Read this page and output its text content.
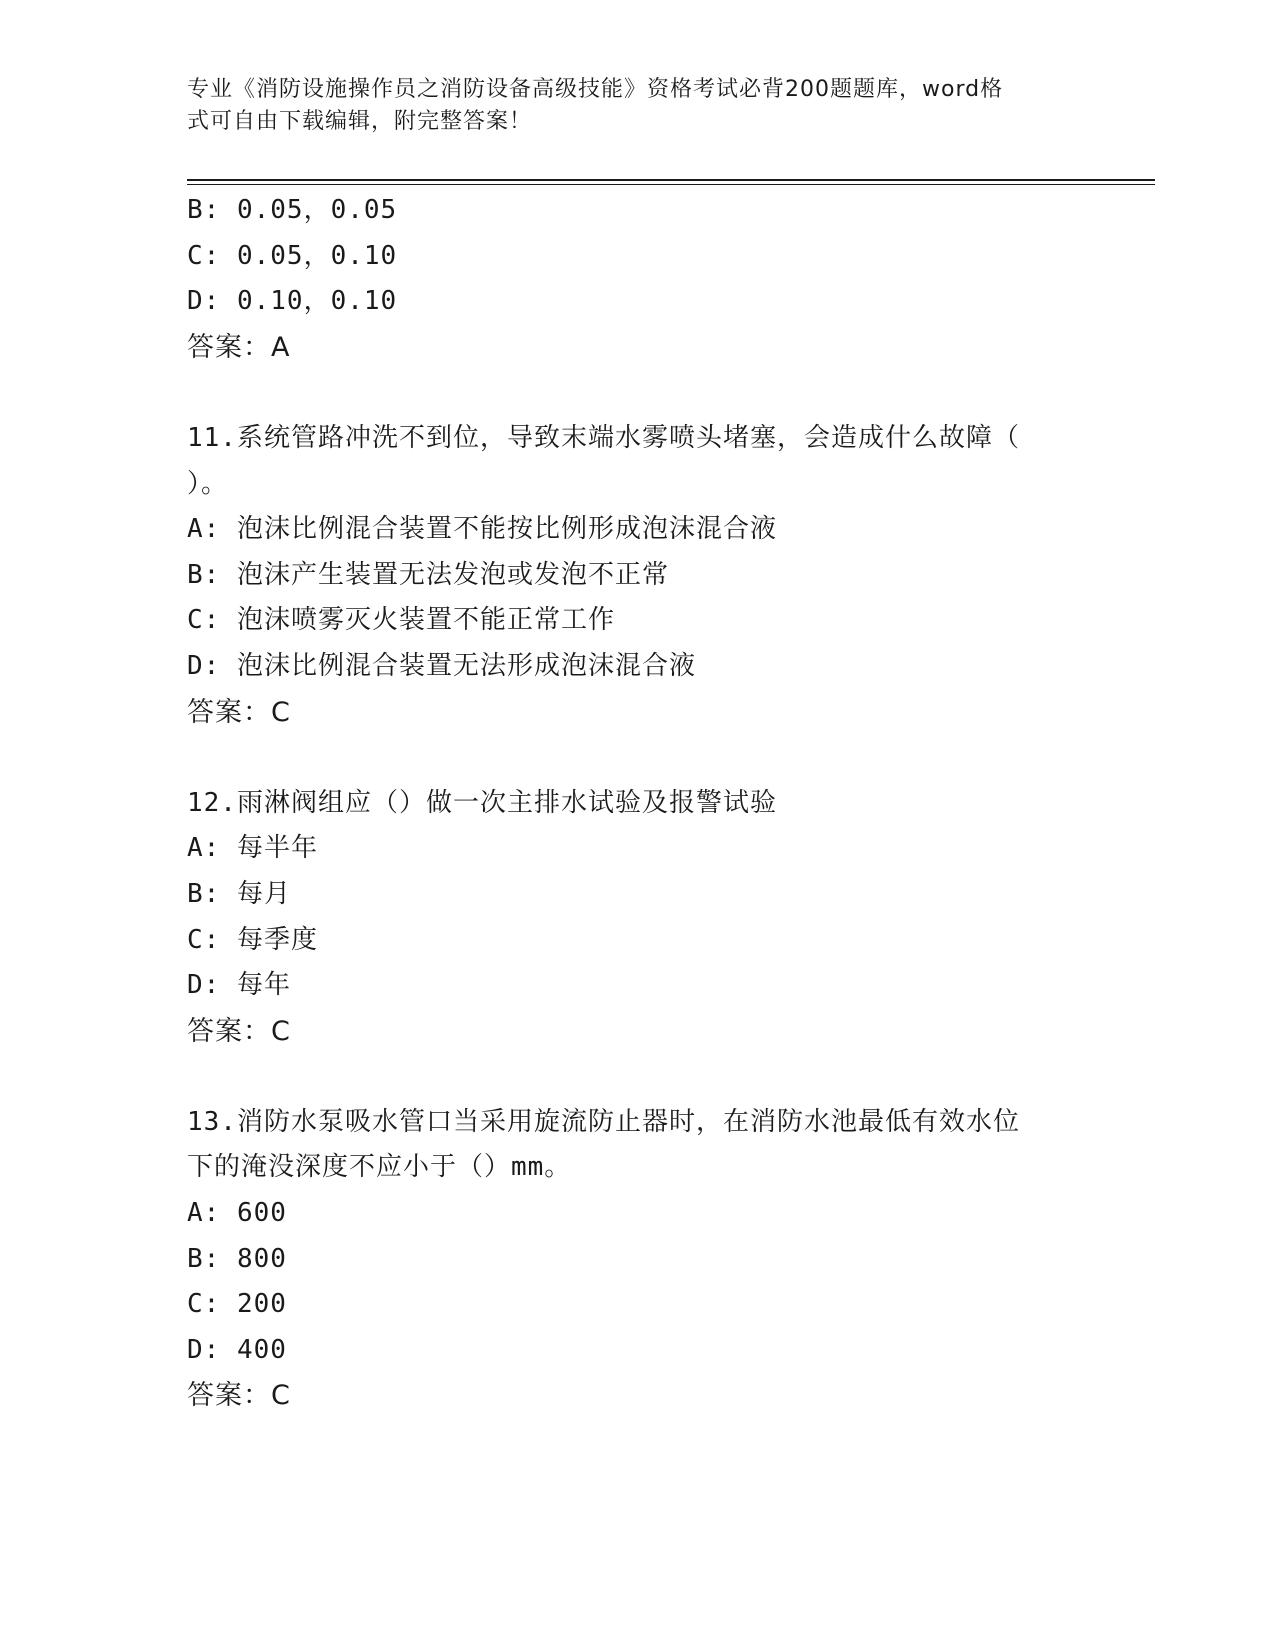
专业《消防设施操作员之消防设备高级技能》资格考试必背200题题库，word格
式可自由下载编辑，附完整答案！
B: 0.05，0.05
C: 0.05，0.10
D: 0.10，0.10
答案：A
11.系统管路冲洗不到位，导致末端水雾喷头堵塞，会造成什么故障（
）。
A: 泡沫比例混合装置不能按比例形成泡沫混合液
B: 泡沫产生装置无法发泡或发泡不正常
C: 泡沫喷雾灭火装置不能正常工作
D: 泡沫比例混合装置无法形成泡沫混合液
答案：C
12.雨淋阀组应（）做一次主排水试验及报警试验
A: 每半年
B: 每月
C: 每季度
D: 每年
答案：C
13.消防水泵吸水管口当采用旋流防止器时，在消防水池最低有效水位
下的淹没深度不应小于（）mm。
A: 600
B: 800
C: 200
D: 400
答案：C
